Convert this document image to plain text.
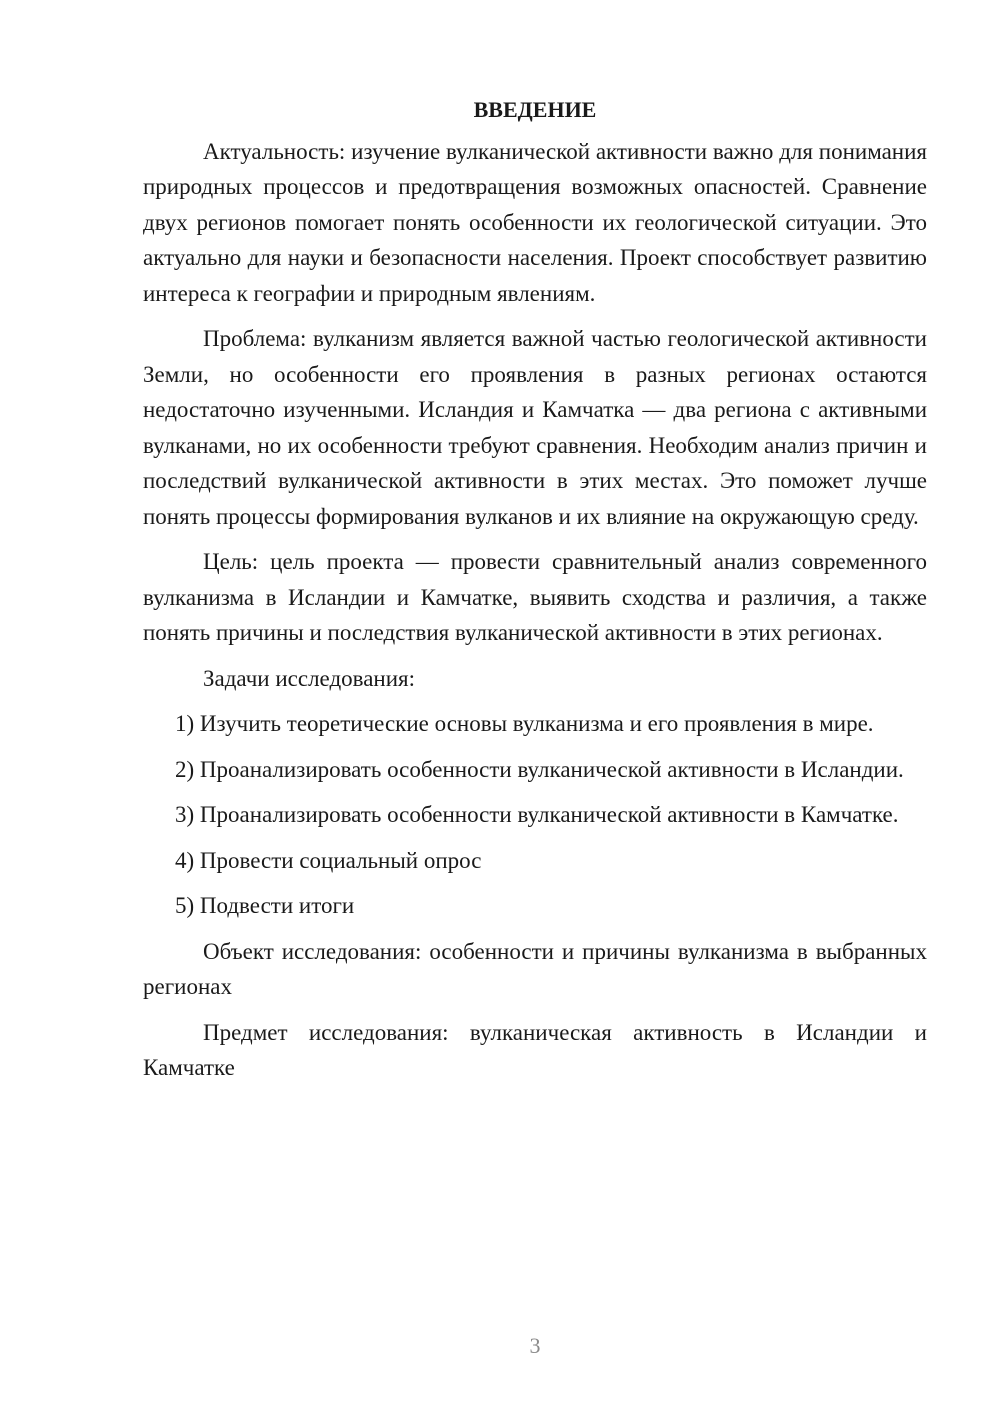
ВВЕДЕНИЕ

Актуальность: изучение вулканической активности важно для понимания природных процессов и предотвращения возможных опасностей. Сравнение двух регионов помогает понять особенности их геологической ситуации. Это актуально для науки и безопасности населения. Проект способствует развитию интереса к географии и природным явлениям.

Проблема: вулканизм является важной частью геологической активности Земли, но особенности его проявления в разных регионах остаются недостаточно изученными. Исландия и Камчатка — два региона с активными вулканами, но их особенности требуют сравнения. Необходим анализ причин и последствий вулканической активности в этих местах. Это поможет лучше понять процессы формирования вулканов и их влияние на окружающую среду.

Цель: цель проекта — провести сравнительный анализ современного вулканизма в Исландии и Камчатке, выявить сходства и различия, а также понять причины и последствия вулканической активности в этих регионах.

Задачи исследования:

1) Изучить теоретические основы вулканизма и его проявления в мире.

2) Проанализировать особенности вулканической активности в Исландии.

3) Проанализировать особенности вулканической активности в Камчатке.

4) Провести социальный опрос

5) Подвести итоги

Объект исследования: особенности и причины вулканизма в выбранных регионах

Предмет исследования: вулканическая активность в Исландии и Камчатке

3
